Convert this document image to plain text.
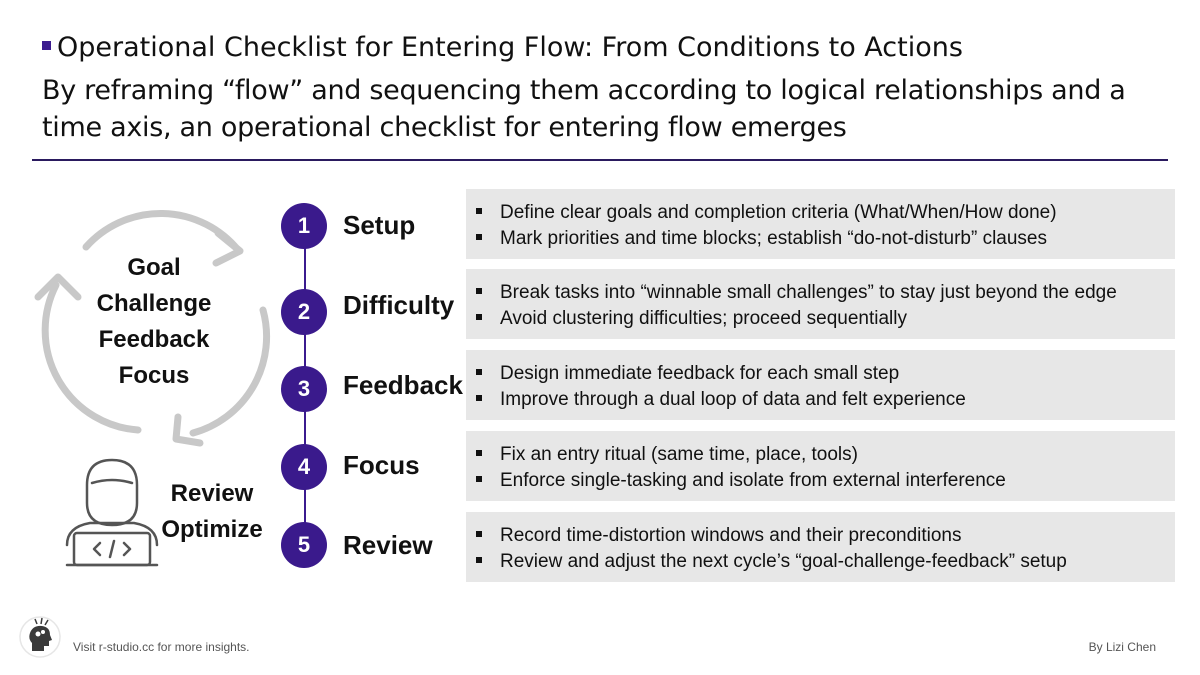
Operational Checklist for Entering Flow: From Conditions to Actions
By reframing “flow” and sequencing them according to logical relationships and a time axis, an operational checklist for entering flow emerges
Goal
Challenge
Feedback
Focus
Review
Optimize
1	Setup	Define clear goals and completion criteria (What/When/How done)
Mark priorities and time blocks; establish “do-not-disturb” clauses
2	Difficulty	Break tasks into “winnable small challenges” to stay just beyond the edge
Avoid clustering difficulties; proceed sequentially
3	Feedback	Design immediate feedback for each small step
Improve through a dual loop of data and felt experience
4	Focus	Fix an entry ritual (same time, place, tools)
Enforce single-tasking and isolate from external interference
5	Review	Record time-distortion windows and their preconditions
Review and adjust the next cycle’s “goal-challenge-feedback” setup
Visit r-studio.cc for more insights.	By Lizi Chen
